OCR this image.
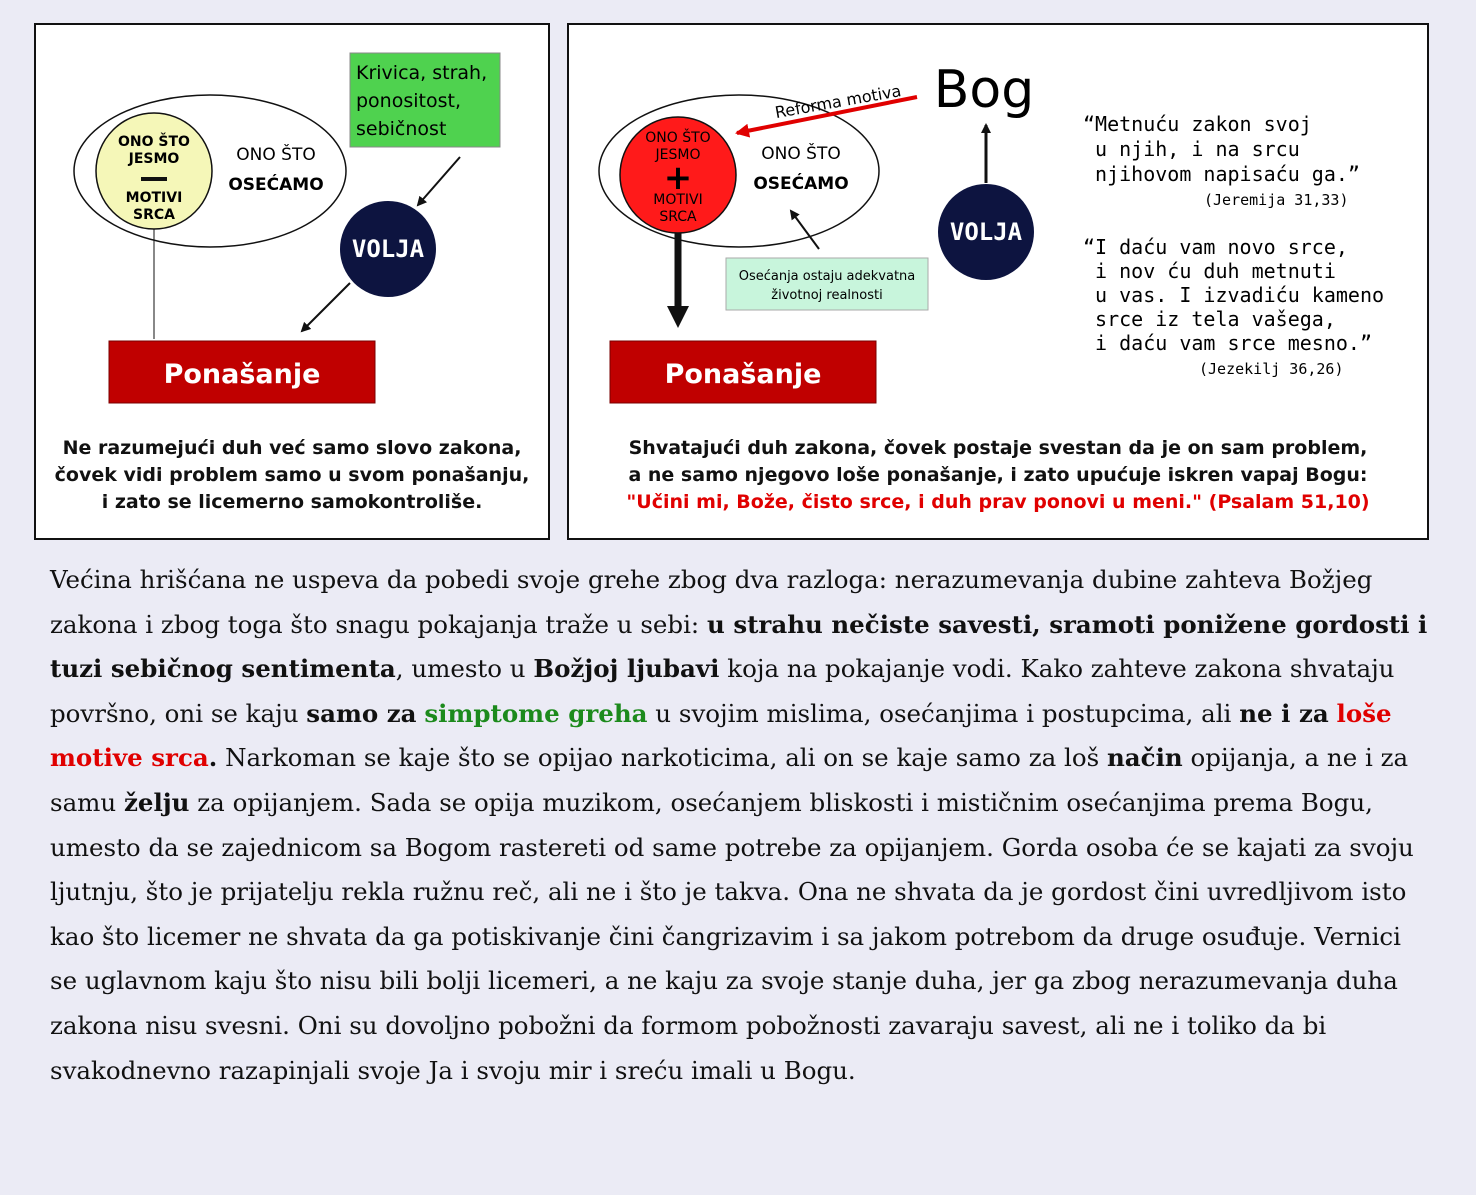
ONO ŠTO
JESMO
MOTIVI
SRCA
ONO ŠTO
OSEĆAMO
Krivica, strah,
ponositost,
sebičnost
VOLJA
Ponašanje
Ne razumejući duh već samo slovo zakona,
čovek vidi problem samo u svom ponašanju,
i zato se licemerno samokontroliše.
ONO ŠTO
JESMO
+
MOTIVI
SRCA
ONO ŠTO
OSEĆAMO
Reforma motiva Bog
VOLJA
Osećanja ostaju adekvatna
životnoj realnosti
Ponašanje
“Metnuću zakon svoj
u njih, i na srcu
njihovom napisaću ga.”
(Jeremija 31,33)
“I daću vam novo srce,
i nov ću duh metnuti
u vas. I izvadiću kameno
srce iz tela vašega,
i daću vam srce mesno.”
(Jezekilj 36,26)
Shvatajući duh zakona, čovek postaje svestan da je on sam problem,
a ne samo njegovo loše ponašanje, i zato upućuje iskren vapaj Bogu:
"Učini mi, Bože, čisto srce, i duh prav ponovi u meni." (Psalam 51,10)

Većina hrišćana ne uspeva da pobedi svoje grehe zbog dva razloga: nerazumevanja dubine zahteva Božjeg zakona i zbog toga što snagu pokajanja traže u sebi: u strahu nečiste savesti, sramoti ponižene gordosti i tuzi sebičnog sentimenta, umesto u Božjoj ljubavi koja na pokajanje vodi. Kako zahteve zakona shvataju površno, oni se kaju samo za simptome greha u svojim mislima, osećanjima i postupcima, ali ne i za loše motive srca. Narkoman se kaje što se opijao narkoticima, ali on se kaje samo za loš način opijanja, a ne i za samu želju za opijanjem. Sada se opija muzikom, osećanjem bliskosti i mističnim osećanjima prema Bogu, umesto da se zajednicom sa Bogom rastereti od same potrebe za opijanjem. Gorda osoba će se kajati za svoju ljutnju, što je prijatelju rekla ružnu reč, ali ne i što je takva. Ona ne shvata da je gordost čini uvredljivom isto kao što licemer ne shvata da ga potiskivanje čini čangrizavim i sa jakom potrebom da druge osuđuje. Vernici se uglavnom kaju što nisu bili bolji licemeri, a ne kaju za svoje stanje duha, jer ga zbog nerazumevanja duha zakona nisu svesni. Oni su dovoljno pobožni da formom pobožnosti zavaraju savest, ali ne i toliko da bi svakodnevno razapinjali svoje Ja i svoju mir i sreću imali u Bogu.
